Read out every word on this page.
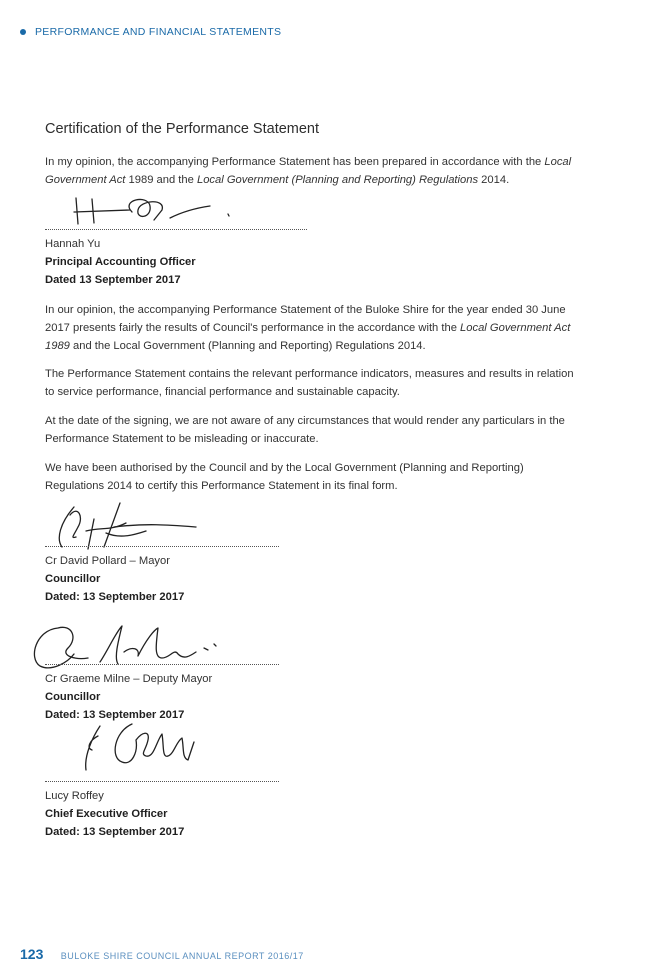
PERFORMANCE AND FINANCIAL STATEMENTS
Certification of the Performance Statement

In my opinion, the accompanying Performance Statement has been prepared in accordance with the Local Government Act 1989 and the Local Government (Planning and Reporting) Regulations 2014.

Hannah Yu
Principal Accounting Officer
Dated 13 September 2017

In our opinion, the accompanying Performance Statement of the Buloke Shire for the year ended 30 June 2017 presents fairly the results of Council's performance in the accordance with the Local Government Act 1989 and the Local Government (Planning and Reporting) Regulations 2014.

The Performance Statement contains the relevant performance indicators, measures and results in relation to service performance, financial performance and sustainable capacity.

At the date of the signing, we are not aware of any circumstances that would render any particulars in the Performance Statement to be misleading or inaccurate.

We have been authorised by the Council and by the Local Government (Planning and Reporting) Regulations 2014 to certify this Performance Statement in its final form.

Cr David Pollard – Mayor
Councillor
Dated: 13 September 2017
Cr Graeme Milne – Deputy Mayor
Councillor
Dated: 13 September 2017
Lucy Roffey
Chief Executive Officer
Dated: 13 September 2017
123 BULOKE SHIRE COUNCIL ANNUAL REPORT 2016/17
